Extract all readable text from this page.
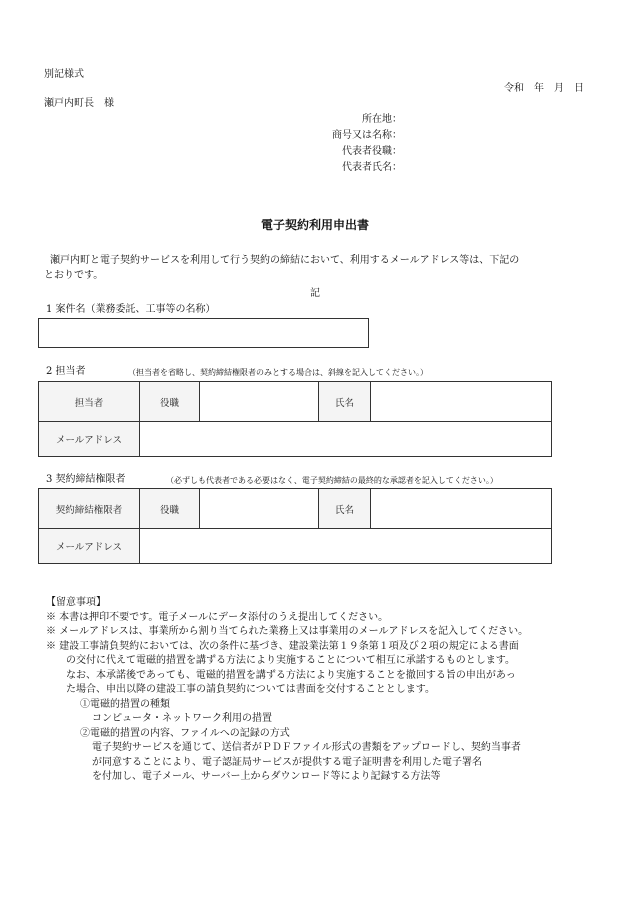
別記様式
令和　年　月　日
瀬戸内町長　様
所在地：
商号又は名称：
代表者役職：
代表者氏名：
電子契約利用申出書
瀬戸内町と電子契約サービスを利用して行う契約の締結において、利用するメールアドレス等は、下記の
とおりです。
記
1 案件名（業務委託、工事等の名称）
2 担当者	（担当者を省略し、契約締結権限者のみとする場合は、斜線を記入してください。）
担当者	役職		氏名	
メールアドレス				
3 契約締結権限者	（必ずしも代表者である必要はなく、電子契約締結の最終的な承認者を記入してください。）
契約締結権限者	役職		氏名	
メールアドレス				
【留意事項】
※ 本書は押印不要です。電子メールにデータ添付のうえ提出してください。
※ メールアドレスは、事業所から割り当てられた業務上又は事業用のメールアドレスを記入してください。
※ 建設工事請負契約においては、次の条件に基づき、建設業法第１９条第１項及び２項の規定による書面
の交付に代えて電磁的措置を講ずる方法により実施することについて相互に承諾するものとします。
なお、本承諾後であっても、電磁的措置を講ずる方法により実施することを撤回する旨の申出があっ
た場合、申出以降の建設工事の請負契約については書面を交付することとします。
①電磁的措置の種類
コンピュータ・ネットワーク利用の措置
②電磁的措置の内容、ファイルへの記録の方式
電子契約サービスを通じて、送信者がＰＤＦファイル形式の書類をアップロードし、契約当事者
が同意することにより、電子認証局サービスが提供する電子証明書を利用した電子署名
を付加し、電子メール、サーバー上からダウンロード等により記録する方法等
